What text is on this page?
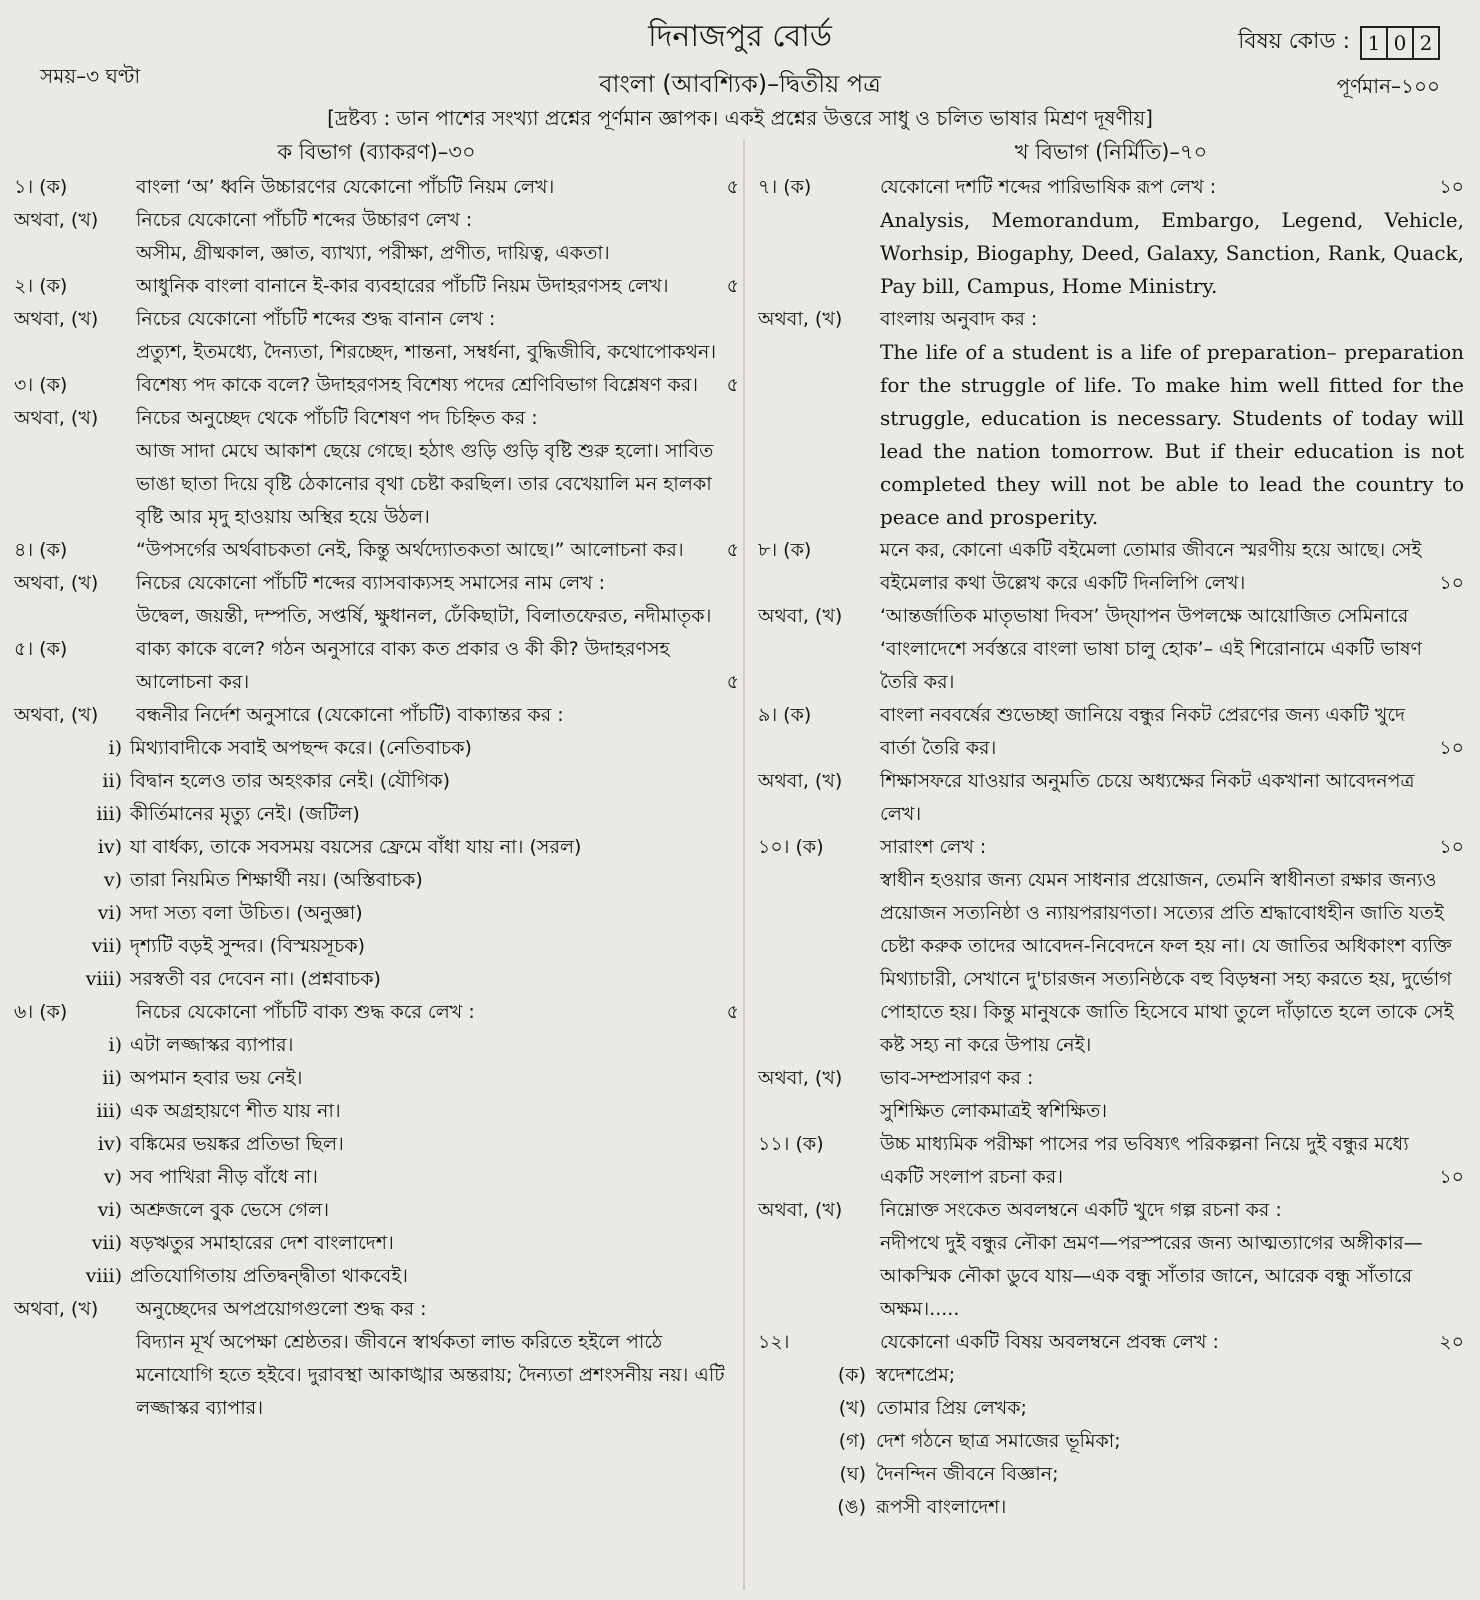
দিনাজপুর বোর্ড	বিষয় কোড : 1 0 2
সময়–৩ ঘণ্টা	বাংলা (আবশ্যিক)–দ্বিতীয় পত্র	পূর্ণমান–১০০
[দ্রষ্টব্য : ডান পাশের সংখ্যা প্রশ্নের পূর্ণমান জ্ঞাপক। একই প্রশ্নের উত্তরে সাধু ও চলিত ভাষার মিশ্রণ দূষণীয়]
ক বিভাগ (ব্যাকরণ)–৩০
১। (ক)	বাংলা ‘অ’ ধ্বনি উচ্চারণের যেকোনো পাঁচটি নিয়ম লেখ।	৫
অথবা, (খ)	নিচের যেকোনো পাঁচটি শব্দের উচ্চারণ লেখ :
অসীম, গ্রীষ্মকাল, জ্ঞাত, ব্যাখ্যা, পরীক্ষা, প্রণীত, দায়িত্ব, একতা।
২। (ক)	আধুনিক বাংলা বানানে ই-কার ব্যবহারের পাঁচটি নিয়ম উদাহরণসহ লেখ।	৫
অথবা, (খ)	নিচের যেকোনো পাঁচটি শব্দের শুদ্ধ বানান লেখ :
প্রত্যুশ, ইতমধ্যে, দৈন্যতা, শিরচ্ছেদ, শান্তনা, সম্বর্ধনা, বুদ্ধিজীবি, কথোপোকথন।
৩। (ক)	বিশেষ্য পদ কাকে বলে? উদাহরণসহ বিশেষ্য পদের শ্রেণিবিভাগ বিশ্লেষণ কর।	৫
অথবা, (খ)	নিচের অনুচ্ছেদ থেকে পাঁচটি বিশেষণ পদ চিহ্নিত কর :
আজ সাদা মেঘে আকাশ ছেয়ে গেছে। হঠাৎ গুড়ি গুড়ি বৃষ্টি শুরু হলো। সাবিত ভাঙা ছাতা দিয়ে বৃষ্টি ঠেকানোর বৃথা চেষ্টা করছিল। তার বেখেয়ালি মন হালকা বৃষ্টি আর মৃদু হাওয়ায় অস্থির হয়ে উঠল।
৪। (ক)	“উপসর্গের অর্থবাচকতা নেই, কিন্তু অর্থদ্যোতকতা আছে।” আলোচনা কর।	৫
অথবা, (খ)	নিচের যেকোনো পাঁচটি শব্দের ব্যাসবাক্যসহ সমাসের নাম লেখ :
উদ্বেল, জয়ন্তী, দম্পতি, সপ্তর্ষি, ক্ষুধানল, ঢেঁকিছাটা, বিলাতফেরত, নদীমাতৃক।
৫। (ক)	বাক্য কাকে বলে? গঠন অনুসারে বাক্য কত প্রকার ও কী কী? উদাহরণসহ আলোচনা কর।	৫
অথবা, (খ)	বন্ধনীর নির্দেশ অনুসারে (যেকোনো পাঁচটি) বাক্যান্তর কর :
i) মিথ্যাবাদীকে সবাই অপছন্দ করে। (নেতিবাচক)
ii) বিদ্বান হলেও তার অহংকার নেই। (যৌগিক)
iii) কীর্তিমানের মৃত্যু নেই। (জটিল)
iv) যা বার্ধক্য, তাকে সবসময় বয়সের ফ্রেমে বাঁধা যায় না। (সরল)
v) তারা নিয়মিত শিক্ষার্থী নয়। (অস্তিবাচক)
vi) সদা সত্য বলা উচিত। (অনুজ্ঞা)
vii) দৃশ্যটি বড়ই সুন্দর। (বিস্ময়সূচক)
viii) সরস্বতী বর দেবেন না। (প্রশ্নবাচক)
৬। (ক)	নিচের যেকোনো পাঁচটি বাক্য শুদ্ধ করে লেখ :	৫
i) এটা লজ্জাস্কর ব্যাপার।
ii) অপমান হবার ভয় নেই।
iii) এক অগ্রহায়ণে শীত যায় না।
iv) বঙ্কিমের ভয়ঙ্কর প্রতিভা ছিল।
v) সব পাখিরা নীড় বাঁধে না।
vi) অশ্রুজলে বুক ভেসে গেল।
vii) ষড়ঋতুর সমাহারের দেশ বাংলাদেশ।
viii) প্রতিযোগিতায় প্রতিদ্বন্দ্বীতা থাকবেই।
অথবা, (খ)	অনুচ্ছেদের অপপ্রয়োগগুলো শুদ্ধ কর :
বিদ্যান মূর্খ অপেক্ষা শ্রেষ্ঠতর। জীবনে স্বার্থকতা লাভ করিতে হইলে পাঠে মনোযোগি হতে হইবে। দুরাবস্থা আকাঙ্খার অন্তরায়; দৈন্যতা প্রশংসনীয় নয়। এটি লজ্জাস্কর ব্যাপার।
খ বিভাগ (নির্মিতি)–৭০
৭। (ক)	যেকোনো দশটি শব্দের পারিভাষিক রূপ লেখ :	১০
Analysis, Memorandum, Embargo, Legend, Vehicle, Worhsip, Biogaphy, Deed, Galaxy, Sanction, Rank, Quack, Pay bill, Campus, Home Ministry.
অথবা, (খ)	বাংলায় অনুবাদ কর :
The life of a student is a life of preparation– preparation for the struggle of life. To make him well fitted for the struggle, education is necessary. Students of today will lead the nation tomorrow. But if their education is not completed they will not be able to lead the country to peace and prosperity.
৮। (ক)	মনে কর, কোনো একটি বইমেলা তোমার জীবনে স্মরণীয় হয়ে আছে। সেই বইমেলার কথা উল্লেখ করে একটি দিনলিপি লেখ।	১০
অথবা, (খ)	‘আন্তর্জাতিক মাতৃভাষা দিবস’ উদ্‌যাপন উপলক্ষে আয়োজিত সেমিনারে ‘বাংলাদেশে সর্বস্তরে বাংলা ভাষা চালু হোক’– এই শিরোনামে একটি ভাষণ তৈরি কর।
৯। (ক)	বাংলা নববর্ষের শুভেচ্ছা জানিয়ে বন্ধুর নিকট প্রেরণের জন্য একটি খুদে বার্তা তৈরি কর।	১০
অথবা, (খ)	শিক্ষাসফরে যাওয়ার অনুমতি চেয়ে অধ্যক্ষের নিকট একখানা আবেদনপত্র লেখ।
১০। (ক)	সারাংশ লেখ :	১০
স্বাধীন হওয়ার জন্য যেমন সাধনার প্রয়োজন, তেমনি স্বাধীনতা রক্ষার জন্যও প্রয়োজন সত্যনিষ্ঠা ও ন্যায়পরায়ণতা। সত্যের প্রতি শ্রদ্ধাবোধহীন জাতি যতই চেষ্টা করুক তাদের আবেদন-নিবেদনে ফল হয় না। যে জাতির অধিকাংশ ব্যক্তি মিথ্যাচারী, সেখানে দু'চারজন সত্যনিষ্ঠকে বহু বিড়ম্বনা সহ্য করতে হয়, দুর্ভোগ পোহাতে হয়। কিন্তু মানুষকে জাতি হিসেবে মাথা তুলে দাঁড়াতে হলে তাকে সেই কষ্ট সহ্য না করে উপায় নেই।
অথবা, (খ)	ভাব-সম্প্রসারণ কর :
সুশিক্ষিত লোকমাত্রই স্বশিক্ষিত।
১১। (ক)	উচ্চ মাধ্যমিক পরীক্ষা পাসের পর ভবিষ্যৎ পরিকল্পনা নিয়ে দুই বন্ধুর মধ্যে একটি সংলাপ রচনা কর।	১০
অথবা, (খ)	নিম্নোক্ত সংকেত অবলম্বনে একটি খুদে গল্প রচনা কর :
নদীপথে দুই বন্ধুর নৌকা ভ্রমণ—পরস্পরের জন্য আত্মত্যাগের অঙ্গীকার—আকস্মিক নৌকা ডুবে যায়—এক বন্ধু সাঁতার জানে, আরেক বন্ধু সাঁতারে অক্ষম।.....
১২।	যেকোনো একটি বিষয় অবলম্বনে প্রবন্ধ লেখ :	২০
(ক) স্বদেশপ্রেম;
(খ) তোমার প্রিয় লেখক;
(গ) দেশ গঠনে ছাত্র সমাজের ভূমিকা;
(ঘ) দৈনন্দিন জীবনে বিজ্ঞান;
(ঙ) রূপসী বাংলাদেশ।
